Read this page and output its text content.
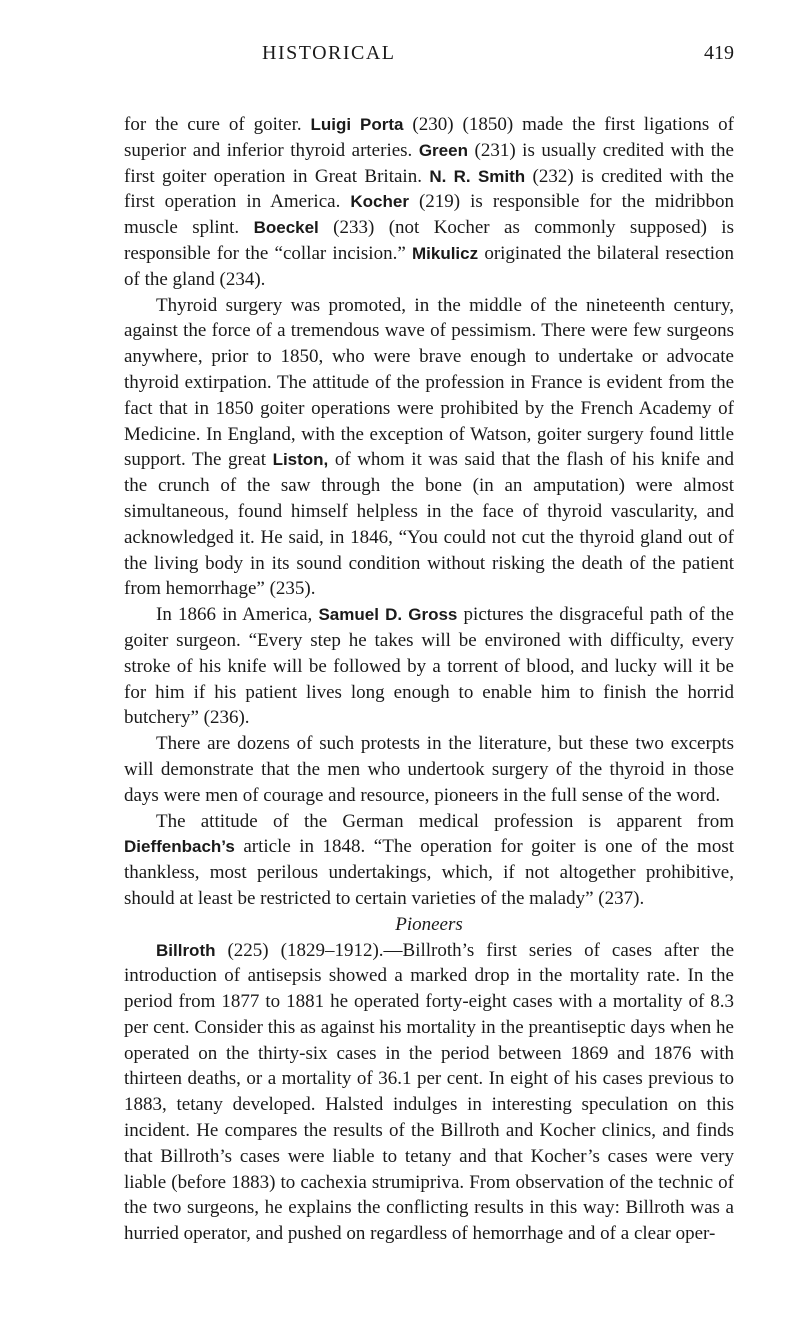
HISTORICAL	419

for the cure of goiter. Luigi Porta (230) (1850) made the first ligations of superior and inferior thyroid arteries. Green (231) is usually credited with the first goiter operation in Great Britain. N. R. Smith (232) is credited with the first operation in America. Kocher (219) is responsible for the midribbon muscle splint. Boeckel (233) (not Kocher as commonly supposed) is responsible for the “collar incision.” Mikulicz originated the bilateral resection of the gland (234).

Thyroid surgery was promoted, in the middle of the nineteenth century, against the force of a tremendous wave of pessimism. There were few surgeons anywhere, prior to 1850, who were brave enough to undertake or advocate thyroid extirpation. The attitude of the profession in France is evident from the fact that in 1850 goiter operations were prohibited by the French Academy of Medicine. In England, with the exception of Watson, goiter surgery found little support. The great Liston, of whom it was said that the flash of his knife and the crunch of the saw through the bone (in an amputation) were almost simultaneous, found himself helpless in the face of thyroid vascularity, and acknowledged it. He said, in 1846, “You could not cut the thyroid gland out of the living body in its sound condition without risking the death of the patient from hemorrhage” (235).

In 1866 in America, Samuel D. Gross pictures the disgraceful path of the goiter surgeon. “Every step he takes will be environed with difficulty, every stroke of his knife will be followed by a torrent of blood, and lucky will it be for him if his patient lives long enough to enable him to finish the horrid butchery” (236).

There are dozens of such protests in the literature, but these two excerpts will demonstrate that the men who undertook surgery of the thyroid in those days were men of courage and resource, pioneers in the full sense of the word.

The attitude of the German medical profession is apparent from Dieffenbach’s article in 1848. “The operation for goiter is one of the most thankless, most perilous undertakings, which, if not altogether prohibitive, should at least be restricted to certain varieties of the malady” (237).

Pioneers

Billroth (225) (1829–1912).—Billroth’s first series of cases after the introduction of antisepsis showed a marked drop in the mortality rate. In the period from 1877 to 1881 he operated forty-eight cases with a mortality of 8.3 per cent. Consider this as against his mortality in the preantiseptic days when he operated on the thirty-six cases in the period between 1869 and 1876 with thirteen deaths, or a mortality of 36.1 per cent. In eight of his cases previous to 1883, tetany developed. Halsted indulges in interesting speculation on this incident. He compares the results of the Billroth and Kocher clinics, and finds that Billroth’s cases were liable to tetany and that Kocher’s cases were very liable (before 1883) to cachexia strumipriva. From observation of the technic of the two surgeons, he explains the conflicting results in this way: Billroth was a hurried operator, and pushed on regardless of hemorrhage and of a clear oper-
